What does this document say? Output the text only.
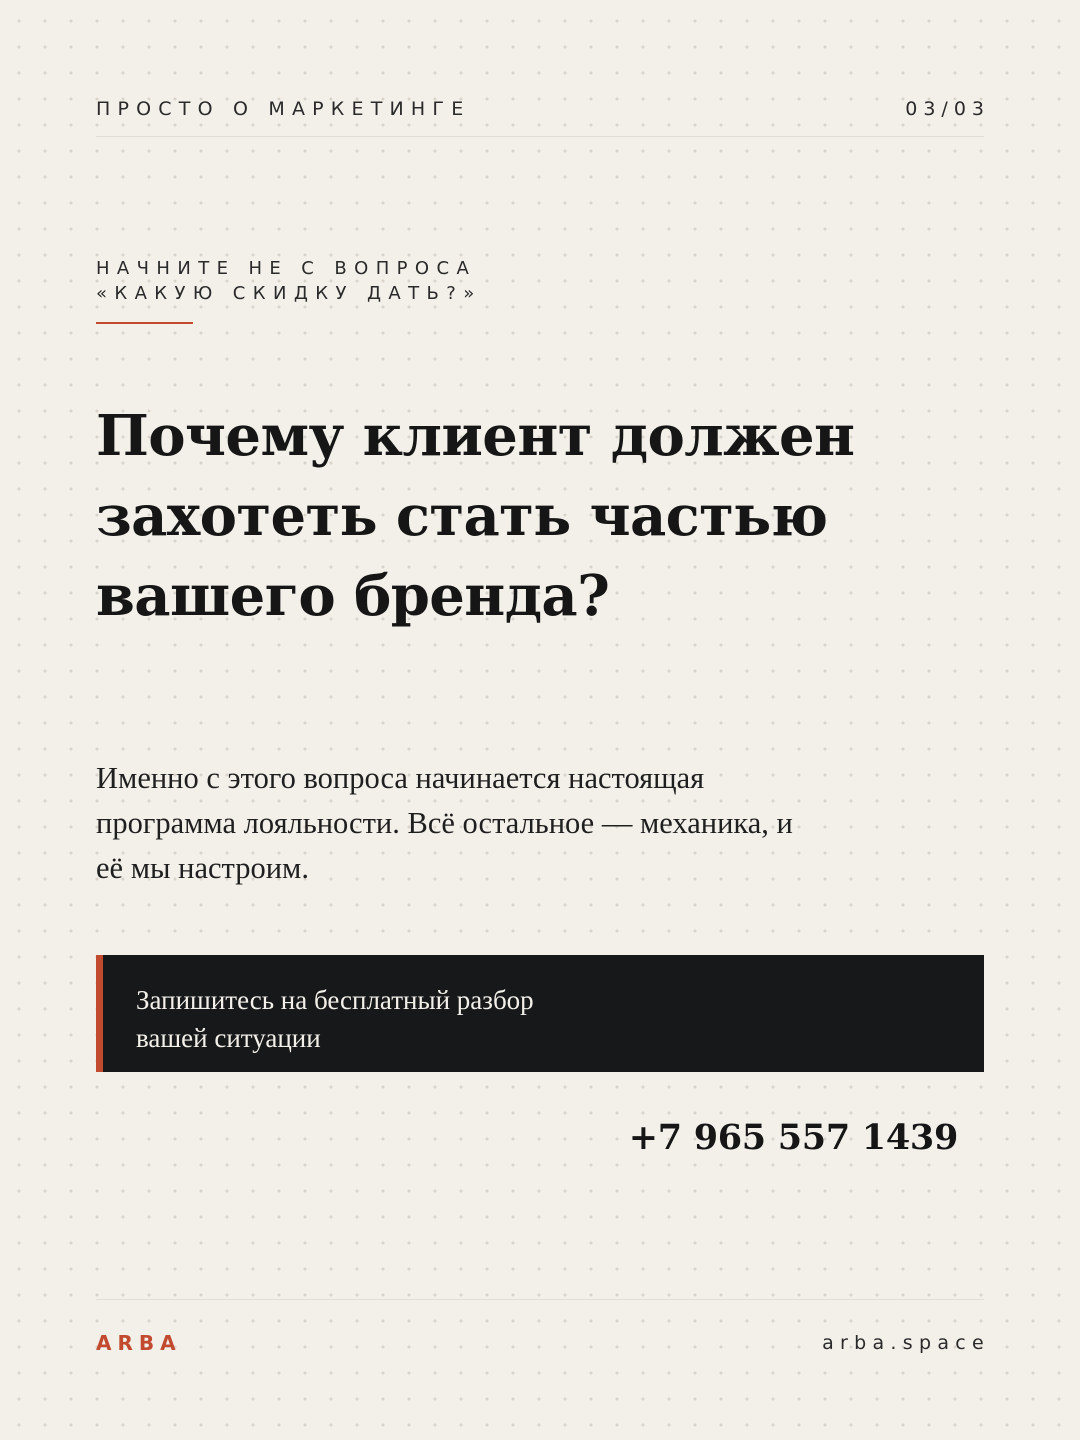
ПРОСТО О МАРКЕТИНГЕ	03/03
НАЧНИТЕ НЕ С ВОПРОСА
«КАКУЮ СКИДКУ ДАТЬ?»
Почему клиент должен
захотеть стать частью
вашего бренда?

Именно с этого вопроса начинается настоящая
программа лояльности. Всё остальное — механика, и
её мы настроим.

Запишитесь на бесплатный разбор
вашей ситуации
+7 965 557 1439
ARBA	arba.space
